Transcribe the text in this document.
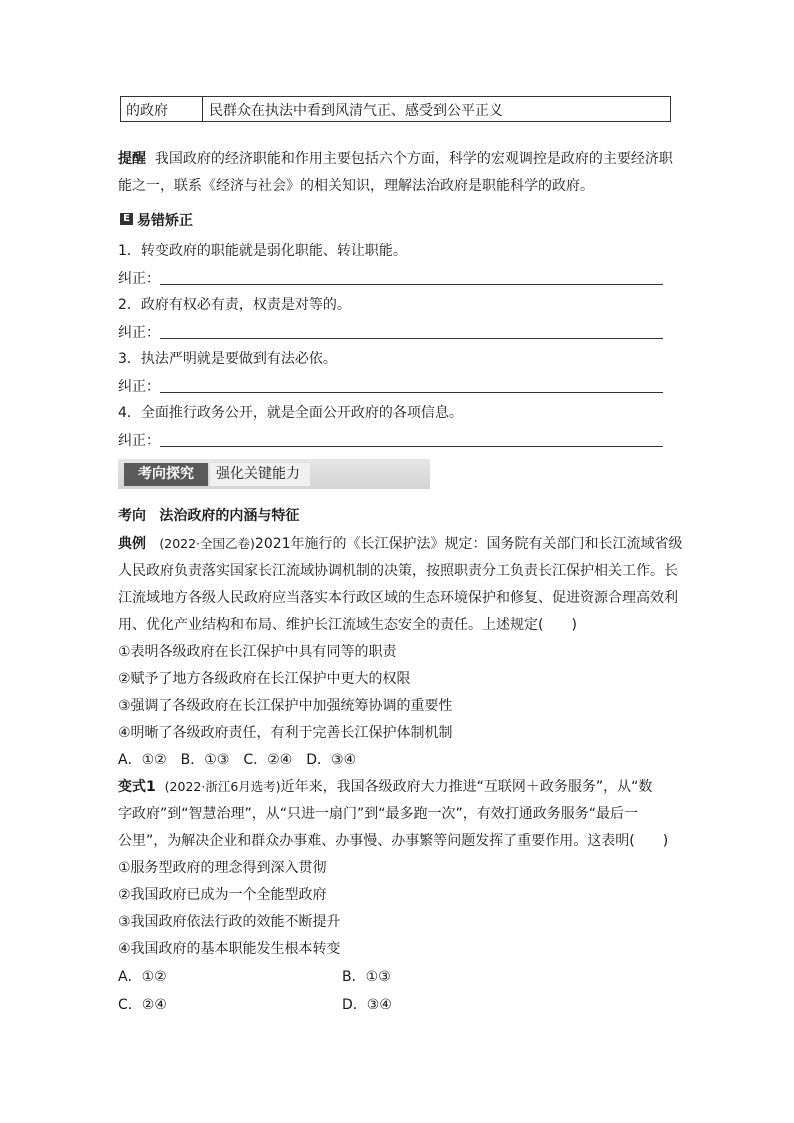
的政府	民群众在执法中看到风清气正、感受到公平正义
提醒 我国政府的经济职能和作用主要包括六个方面，科学的宏观调控是政府的主要经济职
能之一，联系《经济与社会》的相关知识，理解法治政府是职能科学的政府。
E 易错矫正
1．转变政府的职能就是弱化职能、转让职能。
纠正：
2．政府有权必有责，权责是对等的。
纠正：
3．执法严明就是要做到有法必依。
纠正：
4．全面推行政务公开，就是全面公开政府的各项信息。
纠正：
考向探究	强化关键能力
考向 法治政府的内涵与特征
典例 (2022·全国乙卷)2021年施行的《长江保护法》规定：国务院有关部门和长江流域省级
人民政府负责落实国家长江流域协调机制的决策，按照职责分工负责长江保护相关工作。长
江流域地方各级人民政府应当落实本行政区域的生态环境保护和修复、促进资源合理高效利
用、优化产业结构和布局、维护长江流域生态安全的责任。上述规定(　　)
①表明各级政府在长江保护中具有同等的职责
②赋予了地方各级政府在长江保护中更大的权限
③强调了各级政府在长江保护中加强统筹协调的重要性
④明晰了各级政府责任，有利于完善长江保护体制机制
A．①②　B．①③　C．②④　D．③④
变式1 (2022·浙江6月选考)近年来，我国各级政府大力推进“互联网＋政务服务”，从“数
字政府”到“智慧治理”，从“只进一扇门”到“最多跑一次”，有效打通政务服务“最后一
公里”，为解决企业和群众办事难、办事慢、办事繁等问题发挥了重要作用。这表明(　　)
①服务型政府的理念得到深入贯彻
②我国政府已成为一个全能型政府
③我国政府依法行政的效能不断提升
④我国政府的基本职能发生根本转变
A．①②	B．①③
C．②④	D．③④
